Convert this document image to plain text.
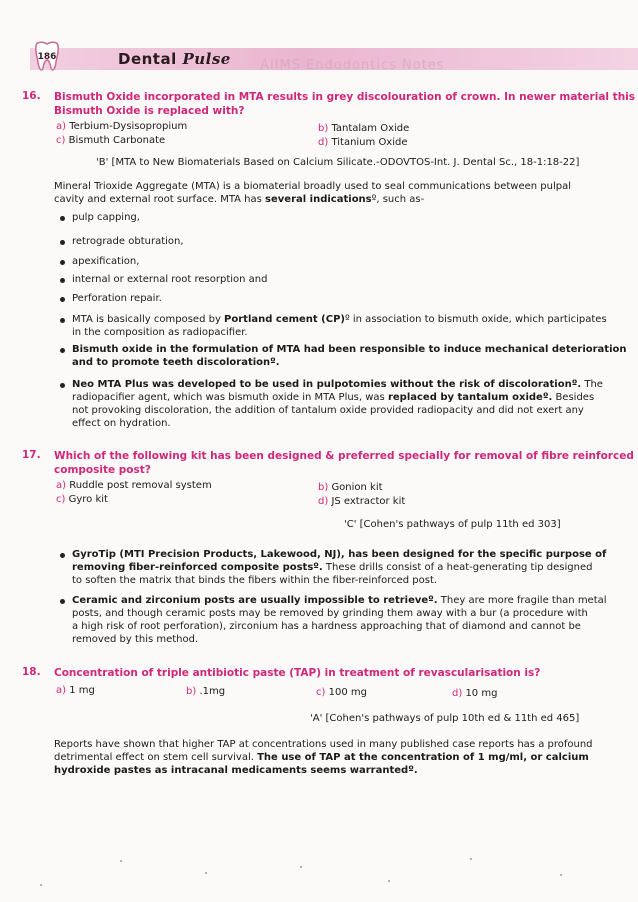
Dental Pulse AIIMS Endodontics Notes
186
16. Bismuth Oxide incorporated in MTA results in grey discolouration of crown. In newer material this
Bismuth Oxide is replaced with?
a) Terbium-Dysisopropium	b) Tantalam Oxide
c) Bismuth Carbonate	d) Titanium Oxide
'B' [MTA to New Biomaterials Based on Calcium Silicate.-ODOVTOS-Int. J. Dental Sc., 18-1:18-22]
Mineral Trioxide Aggregate (MTA) is a biomaterial broadly used to seal communications between pulpal
cavity and external root surface. MTA has several indicationsº, such as-
pulp capping,
retrograde obturation,
apexification,
internal or external root resorption and
Perforation repair.
MTA is basically composed by Portland cement (CP)º in association to bismuth oxide, which participates
in the composition as radiopacifier.
Bismuth oxide in the formulation of MTA had been responsible to induce mechanical deterioration
and to promote teeth discolorationº.
Neo MTA Plus was developed to be used in pulpotomies without the risk of discolorationº. The
radiopacifier agent, which was bismuth oxide in MTA Plus, was replaced by tantalum oxideº. Besides
not provoking discoloration, the addition of tantalum oxide provided radiopacity and did not exert any
effect on hydration.
17. Which of the following kit has been designed & preferred specially for removal of fibre reinforced
composite post?
a) Ruddle post removal system	b) Gonion kit
c) Gyro kit	d) JS extractor kit
'C' [Cohen's pathways of pulp 11th ed 303]
GyroTip (MTI Precision Products, Lakewood, NJ), has been designed for the specific purpose of
removing fiber-reinforced composite postsº. These drills consist of a heat-generating tip designed
to soften the matrix that binds the fibers within the fiber-reinforced post.
Ceramic and zirconium posts are usually impossible to retrieveº. They are more fragile than metal
posts, and though ceramic posts may be removed by grinding them away with a bur (a procedure with
a high risk of root perforation), zirconium has a hardness approaching that of diamond and cannot be
removed by this method.
18. Concentration of triple antibiotic paste (TAP) in treatment of revascularisation is?
a) 1 mg	b) .1mg	c) 100 mg	d) 10 mg
'A' [Cohen's pathways of pulp 10th ed & 11th ed 465]
Reports have shown that higher TAP at concentrations used in many published case reports has a profound
detrimental effect on stem cell survival. The use of TAP at the concentration of 1 mg/ml, or calcium
hydroxide pastes as intracanal medicaments seems warrantedº.
